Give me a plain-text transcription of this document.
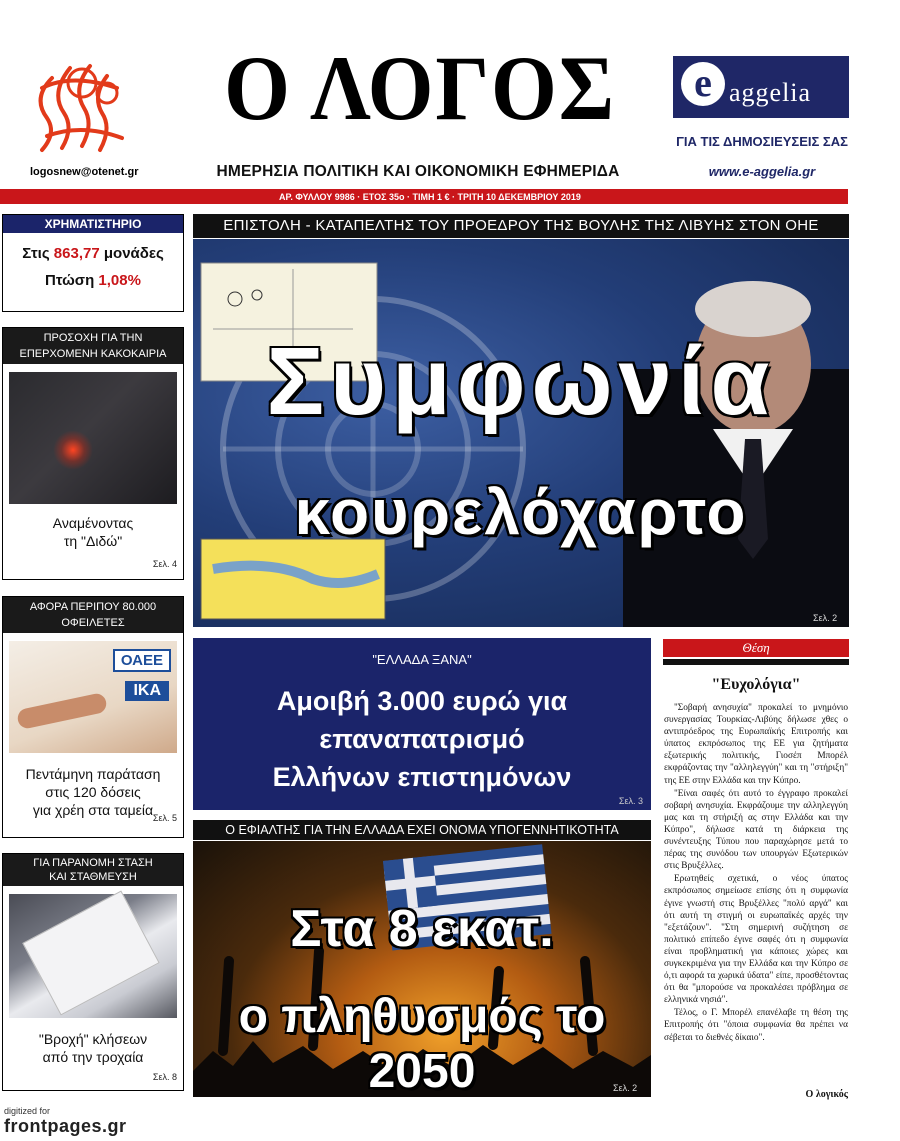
logosnew@otenet.gr
Ο ΛΟΓΟΣ
ΗΜΕΡΗΣΙΑ ΠΟΛΙΤΙΚΗ ΚΑΙ ΟΙΚΟΝΟΜΙΚΗ ΕΦΗΜΕΡΙΔΑ
e aggelia
ΓΙΑ ΤΙΣ ΔΗΜΟΣΙΕΥΣΕΙΣ ΣΑΣ
www.e-aggelia.gr
ΑΡ. ΦΥΛΛΟΥ 9986 · ΕΤΟΣ 35ο · ΤΙΜΗ 1 € · ΤΡΙΤΗ 10 ΔΕΚΕΜΒΡΙΟΥ 2019
ΧΡΗΜΑΤΙΣΤΗΡΙΟ
Στις 863,77 μονάδες
Πτώση 1,08%
ΠΡΟΣΟΧΗ ΓΙΑ ΤΗΝ ΕΠΕΡΧΟΜΕΝΗ ΚΑΚΟΚΑΙΡΙΑ
Αναμένοντας
τη "Διδώ"
Σελ. 4
ΑΦΟΡΑ ΠΕΡΙΠΟΥ 80.000 ΟΦΕΙΛΕΤΕΣ
ΟΑΕΕ
ΙΚΑ
Πεντάμηνη παράταση
στις 120 δόσεις
για χρέη στα ταμεία Σελ. 5
ΓΙΑ ΠΑΡΑΝΟΜΗ ΣΤΑΣΗ
ΚΑΙ ΣΤΑΘΜΕΥΣΗ
"Βροχή" κλήσεων
από την τροχαία
Σελ. 8
ΕΠΙΣΤΟΛΗ - ΚΑΤΑΠΕΛΤΗΣ ΤΟΥ ΠΡΟΕΔΡΟΥ ΤΗΣ ΒΟΥΛΗΣ ΤΗΣ ΛΙΒΥΗΣ ΣΤΟΝ ΟΗΕ
Σελ. 2
Συμφωνία
κουρελόχαρτο
"ΕΛΛΑΔΑ ΞΑΝΑ"
Αμοιβή 3.000 ευρώ για επαναπατρισμό
Ελλήνων επιστημόνων
Σελ. 3
Ο ΕΦΙΑΛΤΗΣ ΓΙΑ ΤΗΝ ΕΛΛΑΔΑ ΕΧΕΙ ΟΝΟΜΑ ΥΠΟΓΕΝΝΗΤΙΚΟΤΗΤΑ
Σελ. 2
Στα 8 εκατ.
ο πληθυσμός το 2050
Θέση
"Ευχολόγια"

"Σοβαρή ανησυχία" προκαλεί το μνημόνιο συνεργασίας Τουρκίας-Λιβύης δήλωσε χθες ο αντιπρόεδρος της Ευρωπαϊκής Επιτροπής και ύπατος εκπρόσωπος της ΕΕ για ζητήματα εξωτερικής πολιτικής, Γιοσέπ Μπορέλ εκφράζοντας την "αλληλεγγύη" και τη "στήριξη" της ΕΕ στην Ελλάδα και την Κύπρο.

"Είναι σαφές ότι αυτό το έγγραφο προκαλεί σοβαρή ανησυχία. Εκφράζουμε την αλληλεγγύη μας και τη στήριξή ας στην Ελλάδα και την Κύπρο", δήλωσε κατά τη διάρκεια της συνέντευξης Τύπου που παραχώρησε μετά το πέρας της συνόδου των υπουργών Εξωτερικών στις Βρυξέλλες.

Ερωτηθείς σχετικά, ο νέος ύπατος εκπρόσωπος σημείωσε επίσης ότι η συμφωνία έγινε γνωστή στις Βρυξέλλες "πολύ αργά" και ότι αυτή τη στιγμή οι ευρωπαϊκές αρχές την "εξετάζουν". "Στη σημερινή συζήτηση σε πολιτικό επίπεδο έγινε σαφές ότι η συμφωνία είναι προβληματική για κάποιες χώρες και συγκεκριμένα για την Ελλάδα και την Κύπρο σε ό,τι αφορά τα χωρικά ύδατα" είπε, προσθέτοντας ότι θα "μπορούσε να προκαλέσει πρόβλημα σε ελληνικά νησιά".

Τέλος, ο Γ. Μπορέλ επανέλαβε τη θέση της Επιτροπής ότι "όποια συμφωνία θα πρέπει να σέβεται το διεθνές δίκαιο".

Ο λογικός
digitized for
frontpages.gr
